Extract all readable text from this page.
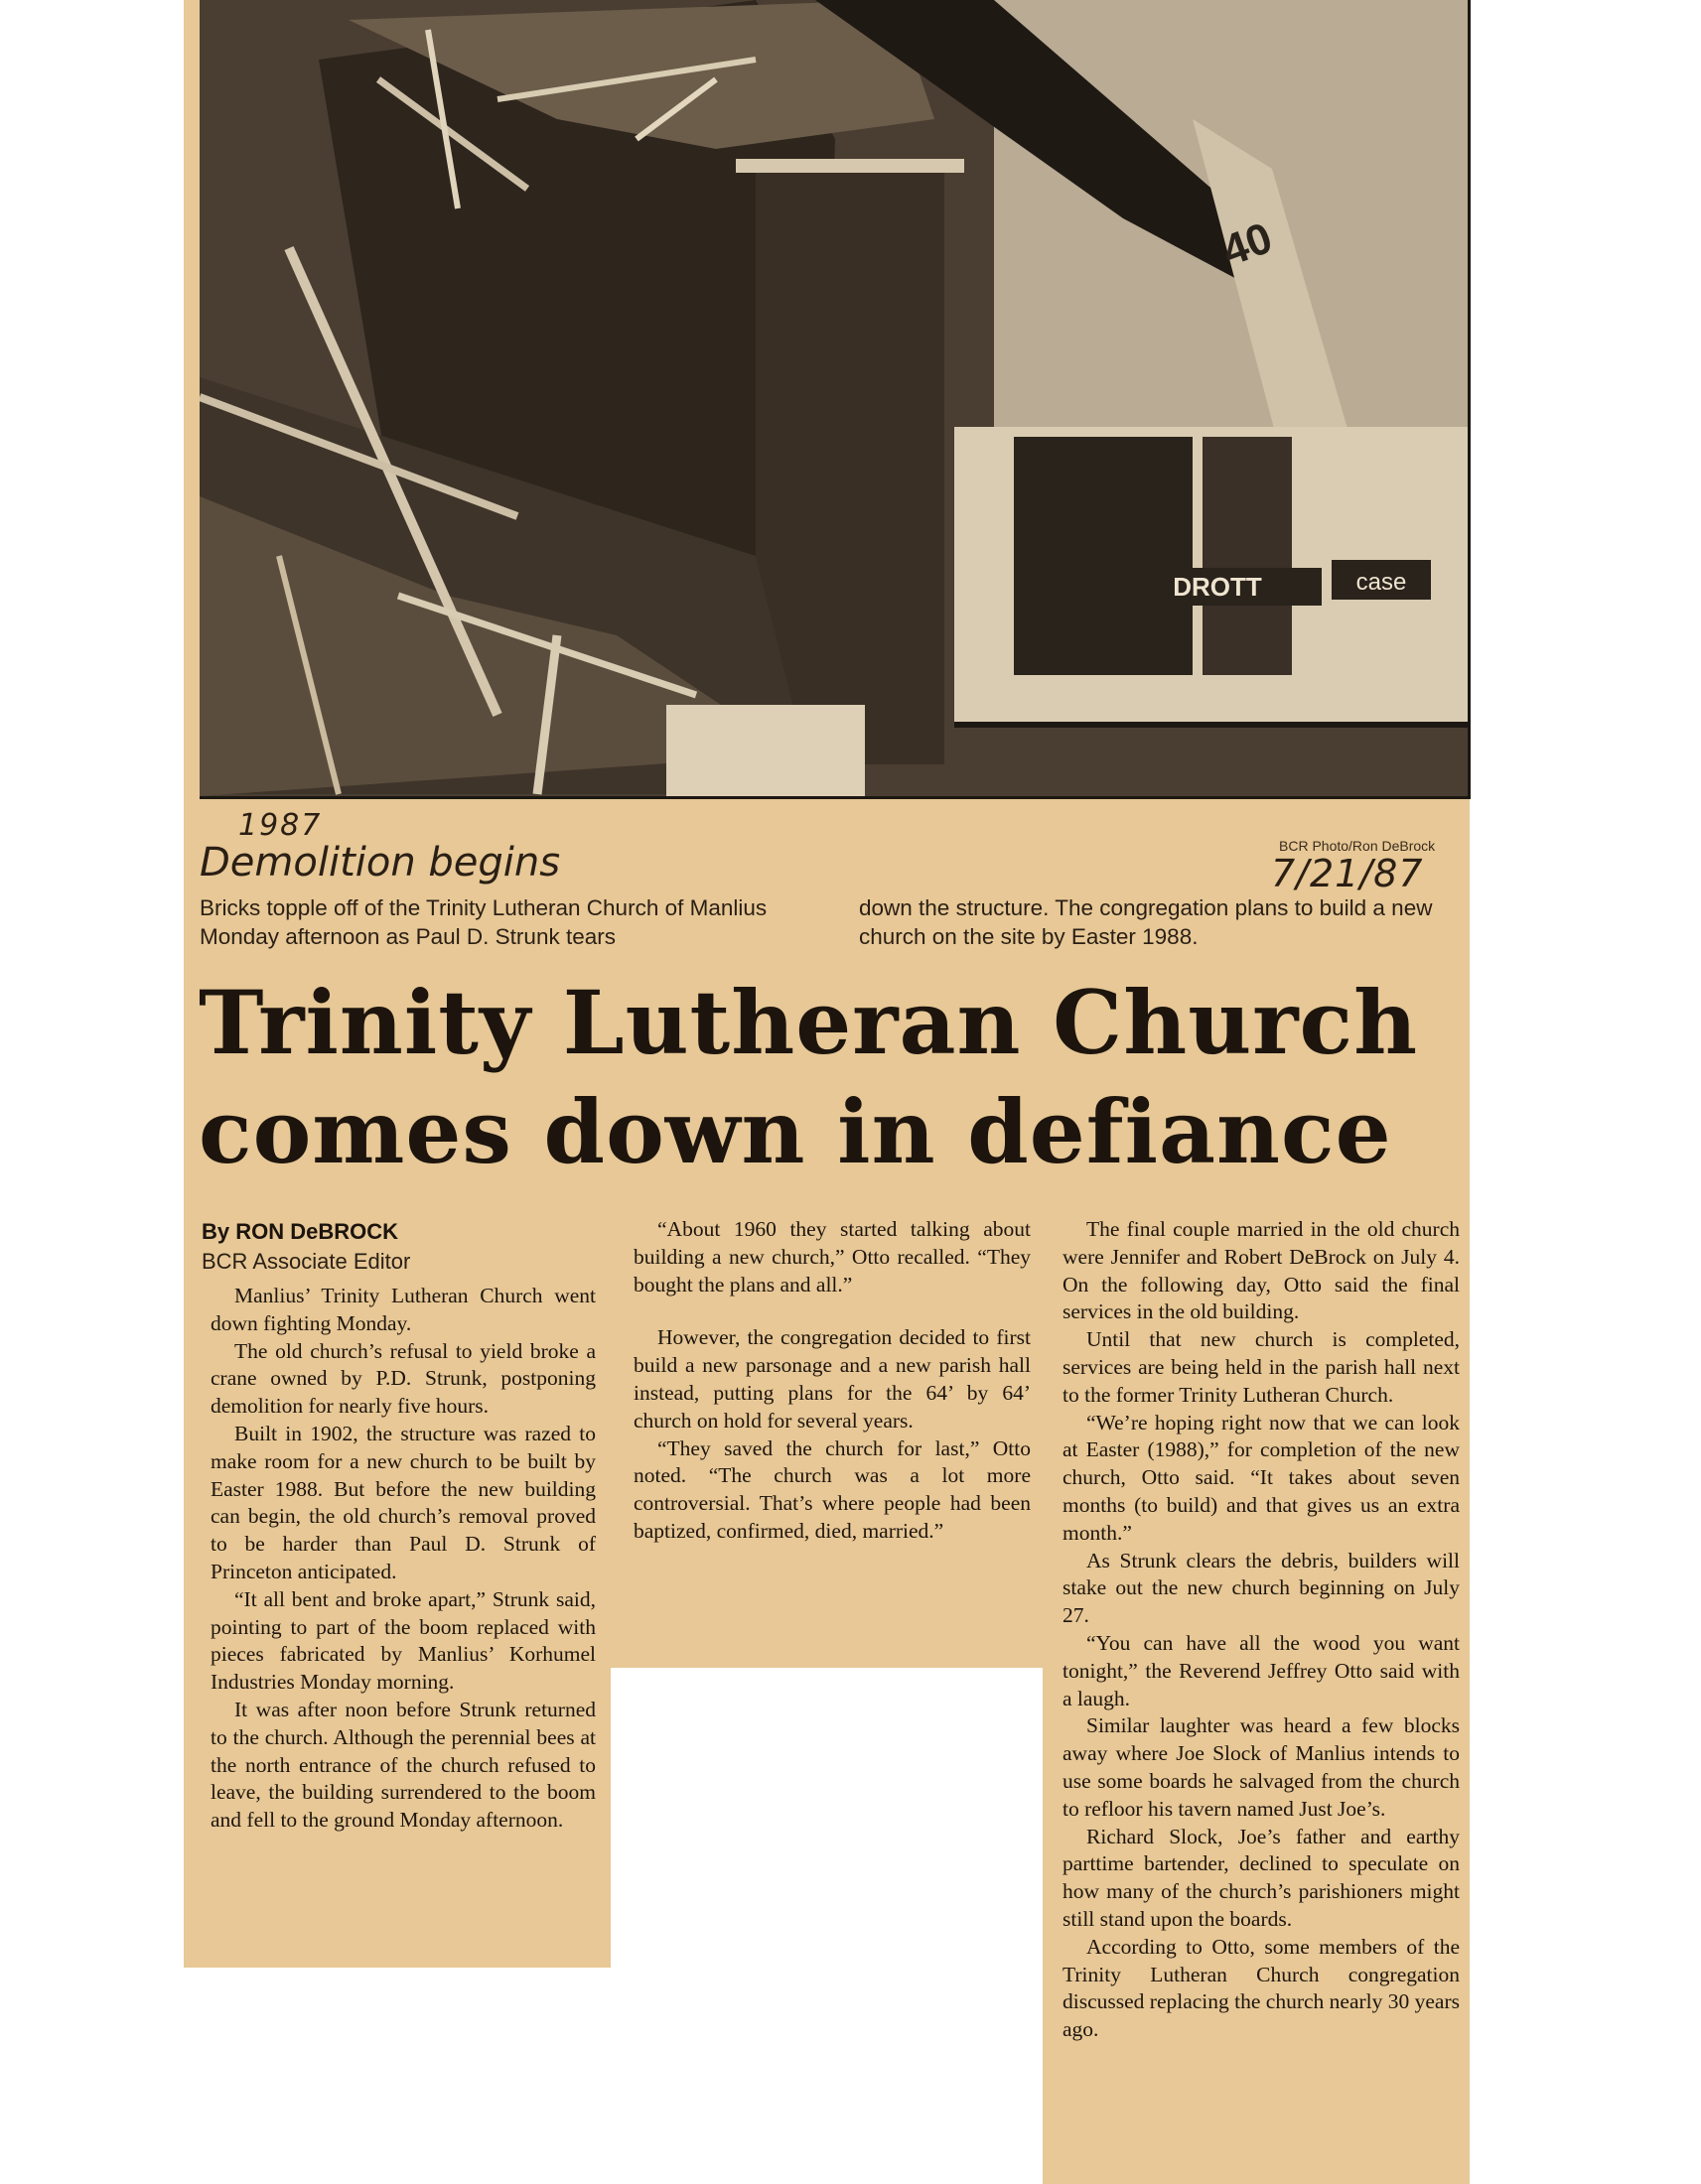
DROTT	case
40
1987
7/21/87
Demolition begins	BCR Photo/Ron DeBrock
Bricks topple off of the Trinity Lutheran Church of Manlius Monday afternoon as Paul D. Strunk tears
down the structure. The congregation plans to build a new church on the site by Easter 1988.
Trinity Lutheran Church
comes down in defiance
By RON DeBROCK
BCR Associate Editor

Manlius’ Trinity Lutheran Church went down fighting Monday.

The old church’s refusal to yield broke a crane owned by P.D. Strunk, postponing demolition for nearly five hours.

Built in 1902, the structure was razed to make room for a new church to be built by Easter 1988. But before the new building can begin, the old church’s removal proved to be harder than Paul D. Strunk of Princeton anticipated.

“It all bent and broke apart,” Strunk said, pointing to part of the boom replaced with pieces fabricated by Manlius’ Korhumel Industries Monday morning.

It was after noon before Strunk returned to the church. Although the perennial bees at the north entrance of the church refused to leave, the building surrendered to the boom and fell to the ground Monday afternoon.

“About 1960 they started talking about building a new church,” Otto recalled. “They bought the plans and all.”

However, the congregation decided to first build a new parsonage and a new parish hall instead, putting plans for the 64’ by 64’ church on hold for several years.

“They saved the church for last,” Otto noted. “The church was a lot more controversial. That’s where people had been baptized, confirmed, died, married.”

The final couple married in the old church were Jennifer and Robert DeBrock on July 4. On the following day, Otto said the final services in the old building.

Until that new church is completed, services are being held in the parish hall next to the former Trinity Lutheran Church.

“We’re hoping right now that we can look at Easter (1988),” for completion of the new church, Otto said. “It takes about seven months (to build) and that gives us an extra month.”

As Strunk clears the debris, builders will stake out the new church beginning on July 27.

“You can have all the wood you want tonight,” the Reverend Jeffrey Otto said with a laugh.

Similar laughter was heard a few blocks away where Joe Slock of Manlius intends to use some boards he salvaged from the church to refloor his tavern named Just Joe’s.

Richard Slock, Joe’s father and earthy parttime bartender, declined to speculate on how many of the church’s parishioners might still stand upon the boards.

According to Otto, some members of the Trinity Lutheran Church congregation discussed replacing the church nearly 30 years ago.
